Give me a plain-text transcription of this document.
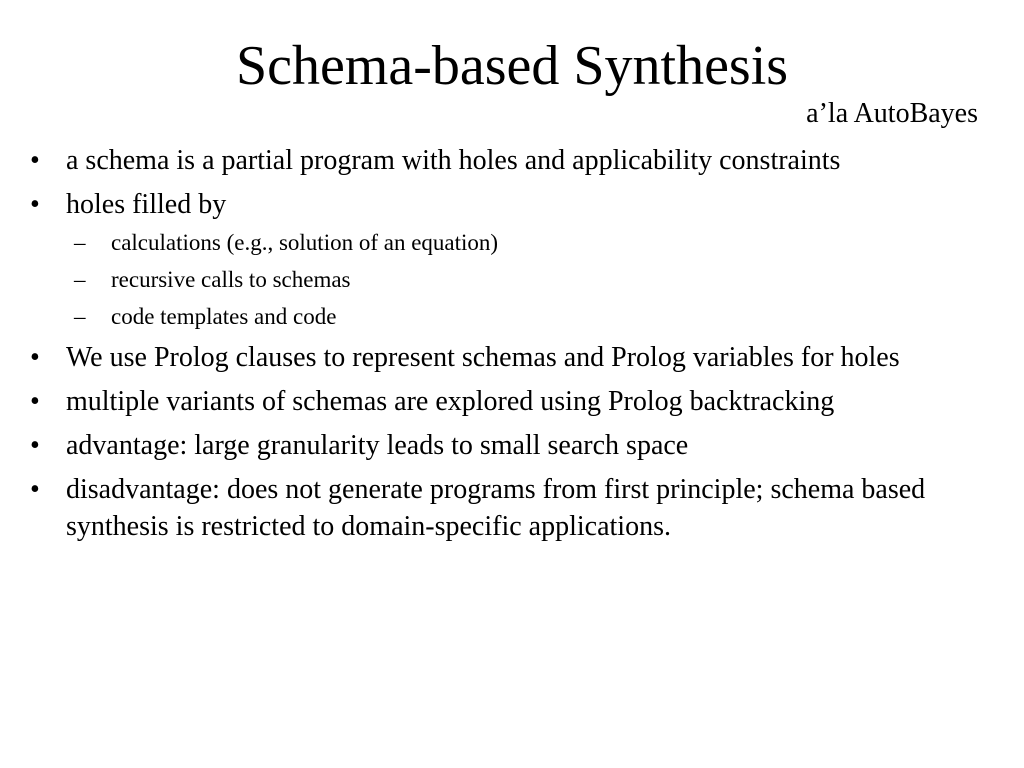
Schema-based Synthesis
a’la AutoBayes
• a schema is a partial program with holes and applicability constraints
• holes filled by
–	calculations (e.g., solution of an equation)
–	recursive calls to schemas
–	code templates and code
• We use Prolog clauses to represent schemas and Prolog variables for holes
• multiple variants of schemas are explored using Prolog backtracking
• advantage: large granularity leads to small search space
• disadvantage: does not generate programs from first principle; schema based synthesis is restricted to domain-specific applications.
